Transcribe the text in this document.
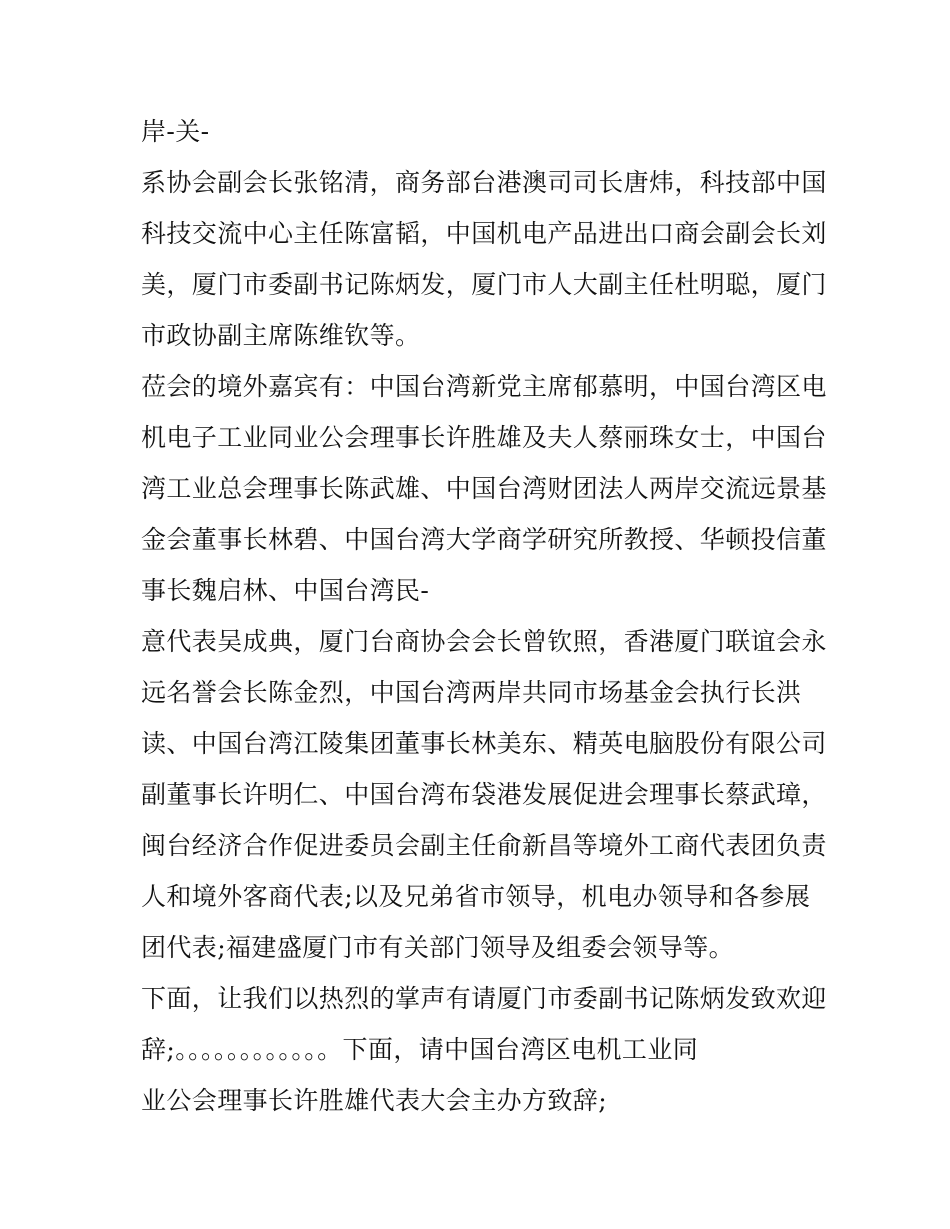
岸-关-
系协会副会长张铭清，商务部台港澳司司长唐炜，科技部中国
科技交流中心主任陈富韬，中国机电产品进出口商会副会长刘
美，厦门市委副书记陈炳发，厦门市人大副主任杜明聪，厦门
市政协副主席陈维钦等。
莅会的境外嘉宾有：中国台湾新党主席郁慕明，中国台湾区电
机电子工业同业公会理事长许胜雄及夫人蔡丽珠女士，中国台
湾工业总会理事长陈武雄、中国台湾财团法人两岸交流远景基
金会董事长林碧、中国台湾大学商学研究所教授、华顿投信董
事长魏启林、中国台湾民-
意代表吴成典，厦门台商协会会长曾钦照，香港厦门联谊会永
远名誉会长陈金烈，中国台湾两岸共同市场基金会执行长洪
读、中国台湾江陵集团董事长林美东、精英电脑股份有限公司
副董事长许明仁、中国台湾布袋港发展促进会理事长蔡武璋，
闽台经济合作促进委员会副主任俞新昌等境外工商代表团负责
人和境外客商代表;以及兄弟省市领导，机电办领导和各参展
团代表;福建盛厦门市有关部门领导及组委会领导等。
下面，让我们以热烈的掌声有请厦门市委副书记陈炳发致欢迎
辞;。。。。。。。。。。。。下面，请中国台湾区电机工业同
业公会理事长许胜雄代表大会主办方致辞;
